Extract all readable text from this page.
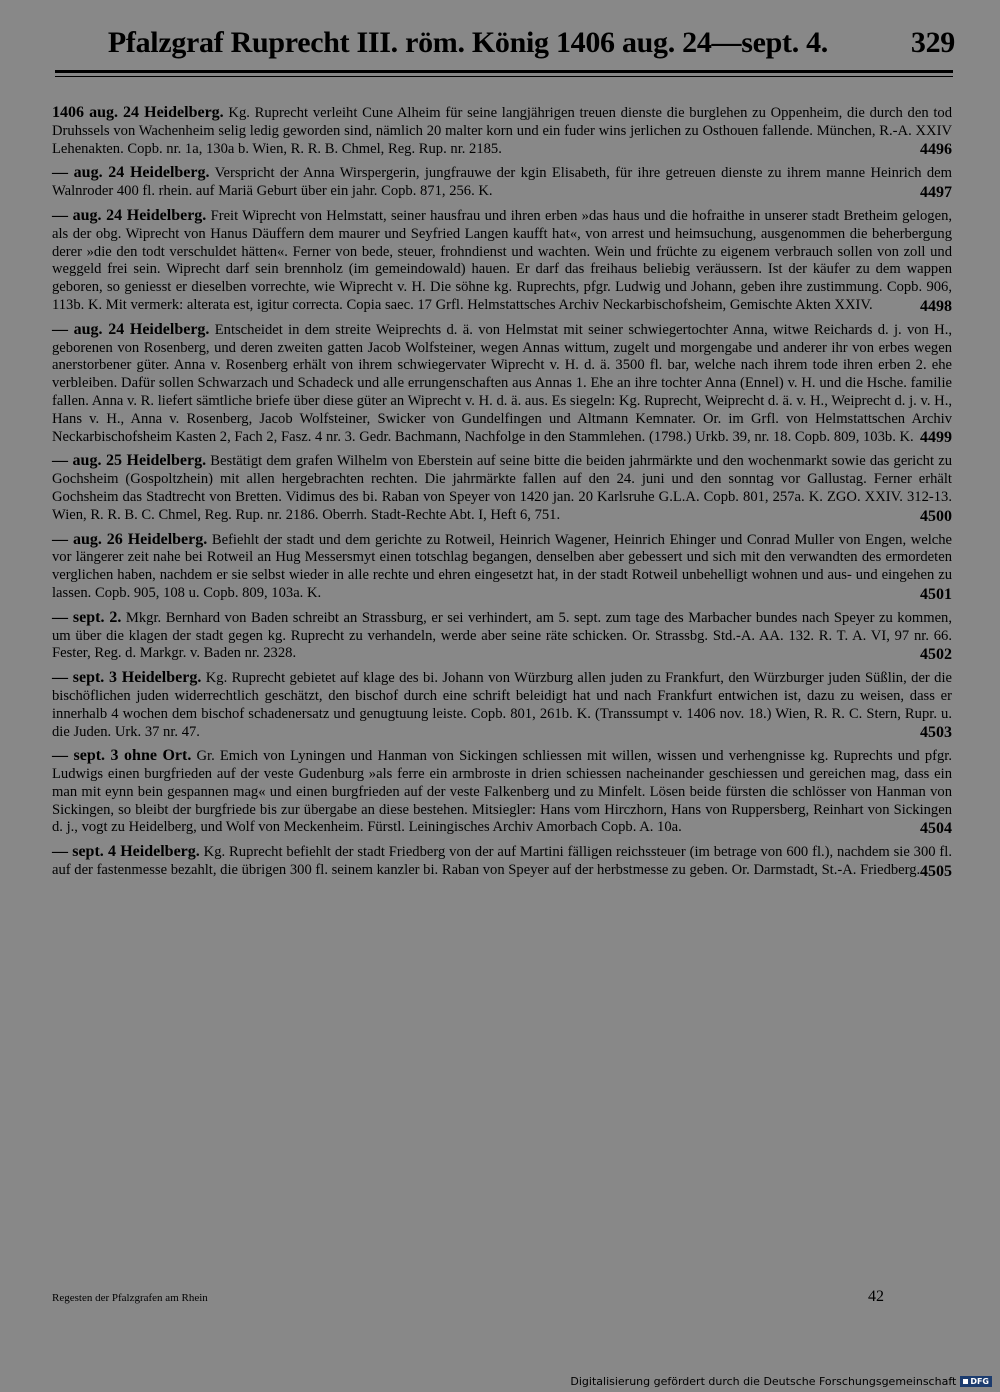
Pfalzgraf Ruprecht III. röm. König 1406 aug. 24—sept. 4.	329
1406 aug. 24 Heidelberg. Kg. Ruprecht verleiht Cune Alheim für seine langjährigen treuen dienste die burglehen zu Oppenheim, die durch den tod Druhssels von Wachenheim selig ledig geworden sind, nämlich 20 malter korn und ein fuder wins jerlichen zu Osthouen fallende. München, R.-A. XXIV Lehenakten. Copb. nr. 1a, 130a b. Wien, R. R. B. Chmel, Reg. Rup. nr. 2185.	4496
— aug. 24 Heidelberg. Verspricht der Anna Wirspergerin, jungfrauwe der kgin Elisabeth, für ihre getreuen dienste zu ihrem manne Heinrich dem Walnroder 400 fl. rhein. auf Mariä Geburt über ein jahr. Copb. 871, 256. K.	4497
— aug. 24 Heidelberg. Freit Wiprecht von Helmstatt, seiner hausfrau und ihren erben »das haus und die hofraithe in unserer stadt Bretheim gelogen, als der obg. Wiprecht von Hanus Däuffern dem maurer und Seyfried Langen kaufft hat«, von arrest und heimsuchung, ausgenommen die beherbergung derer »die den todt verschuldet hätten«. Ferner von bede, steuer, frohndienst und wachten. Wein und früchte zu eigenem verbrauch sollen von zoll und weggeld frei sein. Wiprecht darf sein brennholz (im gemeindowald) hauen. Er darf das freihaus beliebig veräussern. Ist der käufer zu dem wappen geboren, so geniesst er dieselben vorrechte, wie Wiprecht v. H. Die söhne kg. Ruprechts, pfgr. Ludwig und Johann, geben ihre zustimmung. Copb. 906, 113b. K. Mit vermerk: alterata est, igitur correcta. Copia saec. 17 Grfl. Helmstattsches Archiv Neckarbischofsheim, Gemischte Akten XXIV.	4498
— aug. 24 Heidelberg. Entscheidet in dem streite Weiprechts d. ä. von Helmstat mit seiner schwiegertochter Anna, witwe Reichards d. j. von H., geborenen von Rosenberg, und deren zweiten gatten Jacob Wolfsteiner, wegen Annas wittum, zugelt und morgengabe und anderer ihr von erbes wegen anerstorbener güter. Anna v. Rosenberg erhält von ihrem schwiegervater Wiprecht v. H. d. ä. 3500 fl. bar, welche nach ihrem tode ihren erben 2. ehe verbleiben. Dafür sollen Schwarzach und Schadeck und alle errungenschaften aus Annas 1. Ehe an ihre tochter Anna (Ennel) v. H. und die Hsche. familie fallen. Anna v. R. liefert sämtliche briefe über diese güter an Wiprecht v. H. d. ä. aus. Es siegeln: Kg. Ruprecht, Weiprecht d. ä. v. H., Weiprecht d. j. v. H., Hans v. H., Anna v. Rosenberg, Jacob Wolfsteiner, Swicker von Gundelfingen und Altmann Kemnater. Or. im Grfl. von Helmstattschen Archiv Neckarbischofsheim Kasten 2, Fach 2, Fasz. 4 nr. 3. Gedr. Bachmann, Nachfolge in den Stammlehen. (1798.) Urkb. 39, nr. 18. Copb. 809, 103b. K. 4499
— aug. 25 Heidelberg. Bestätigt dem grafen Wilhelm von Eberstein auf seine bitte die beiden jahrmärkte und den wochenmarkt sowie das gericht zu Gochsheim (Gospoltzhein) mit allen hergebrachten rechten. Die jahrmärkte fallen auf den 24. juni und den sonntag vor Gallustag. Ferner erhält Gochsheim das Stadtrecht von Bretten. Vidimus des bi. Raban von Speyer von 1420 jan. 20 Karlsruhe G.L.A. Copb. 801, 257a. K. ZGO. XXIV. 312-13. Wien, R. R. B. C. Chmel, Reg. Rup. nr. 2186. Oberrh. Stadt-Rechte Abt. I, Heft 6, 751.	4500
— aug. 26 Heidelberg. Befiehlt der stadt und dem gerichte zu Rotweil, Heinrich Wagener, Heinrich Ehinger und Conrad Muller von Engen, welche vor längerer zeit nahe bei Rotweil an Hug Messersmyt einen totschlag begangen, denselben aber gebessert und sich mit den verwandten des ermordeten verglichen haben, nachdem er sie selbst wieder in alle rechte und ehren eingesetzt hat, in der stadt Rotweil unbehelligt wohnen und aus- und eingehen zu lassen. Copb. 905, 108 u. Copb. 809, 103a. K.	4501
— sept. 2. Mkgr. Bernhard von Baden schreibt an Strassburg, er sei verhindert, am 5. sept. zum tage des Marbacher bundes nach Speyer zu kommen, um über die klagen der stadt gegen kg. Ruprecht zu verhandeln, werde aber seine räte schicken. Or. Strassbg. Std.-A. AA. 132. R. T. A. VI, 97 nr. 66. Fester, Reg. d. Markgr. v. Baden nr. 2328.	4502
— sept. 3 Heidelberg. Kg. Ruprecht gebietet auf klage des bi. Johann von Würzburg allen juden zu Frankfurt, den Würzburger juden Süßlin, der die bischöflichen juden widerrechtlich geschätzt, den bischof durch eine schrift beleidigt hat und nach Frankfurt entwichen ist, dazu zu weisen, dass er innerhalb 4 wochen dem bischof schadenersatz und genugtuung leiste. Copb. 801, 261b. K. (Transsumpt v. 1406 nov. 18.) Wien, R. R. C. Stern, Rupr. u. die Juden. Urk. 37 nr. 47.	4503
— sept. 3 ohne Ort. Gr. Emich von Lyningen und Hanman von Sickingen schliessen mit willen, wissen und verhengnisse kg. Ruprechts und pfgr. Ludwigs einen burgfrieden auf der veste Gudenburg »als ferre ein armbroste in drien schiessen nacheinander geschiessen und gereichen mag, dass ein man mit eynn bein gespannen mag« und einen burgfrieden auf der veste Falkenberg und zu Minfelt. Lösen beide fürsten die schlösser von Hanman von Sickingen, so bleibt der burgfriede bis zur übergabe an diese bestehen. Mitsiegler: Hans vom Hirczhorn, Hans von Ruppersberg, Reinhart von Sickingen d. j., vogt zu Heidelberg, und Wolf von Meckenheim. Fürstl. Leiningisches Archiv Amorbach Copb. A. 10a.	4504
— sept. 4 Heidelberg. Kg. Ruprecht befiehlt der stadt Friedberg von der auf Martini fälligen reichssteuer (im betrage von 600 fl.), nachdem sie 300 fl. auf der fastenmesse bezahlt, die übrigen 300 fl. seinem kanzler bi. Raban von Speyer auf der herbstmesse zu geben. Or. Darmstadt, St.-A. Friedberg. 4505
Regesten der Pfalzgrafen am Rhein	42
Digitalisierung gefördert durch die Deutsche Forschungsgemeinschaft DFG
